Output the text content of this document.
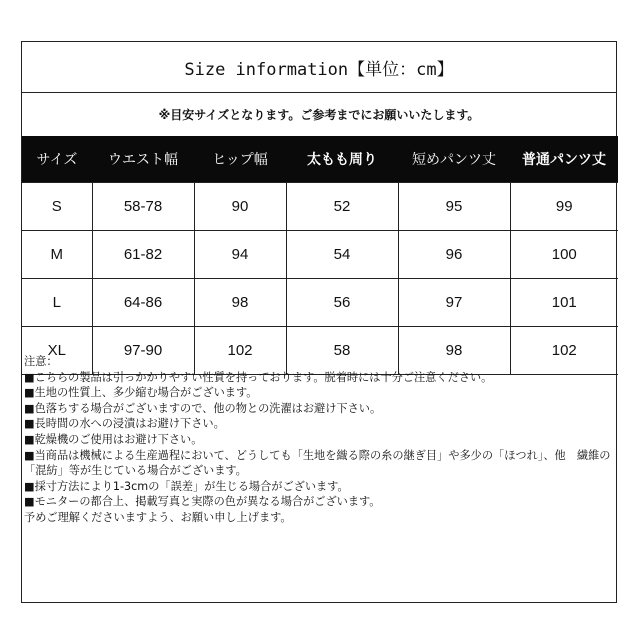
Size information【単位：cm】
※目安サイズとなります。ご参考までにお願いいたします。
サイズ	ウエスト幅	ヒップ幅	太もも周り	短めパンツ丈	普通パンツ丈
S	58-78	90	52	95	99
M	61-82	94	54	96	100
L	64-86	98	56	97	101
XL	97-90	102	58	98	102
注意：
■こちらの製品は引っかかりやすい性質を持っております。脱着時には十分ご注意ください。
■生地の性質上、多少縮む場合がございます。
■色落ちする場合がございますので、他の物との洗濯はお避け下さい。
■長時間の水への浸漬はお避け下さい。
■乾燥機のご使用はお避け下さい。
■当商品は機械による生産過程において、どうしても「生地を織る際の糸の継ぎ目」や多少の「ほつれ」、他　繊維の「混紡」等が生じている場合がございます。
■採寸方法により1-3cmの「誤差」が生じる場合がございます。
■モニターの都合上、掲載写真と実際の色が異なる場合がございます。
予めご理解くださいますよう、お願い申し上げます。
